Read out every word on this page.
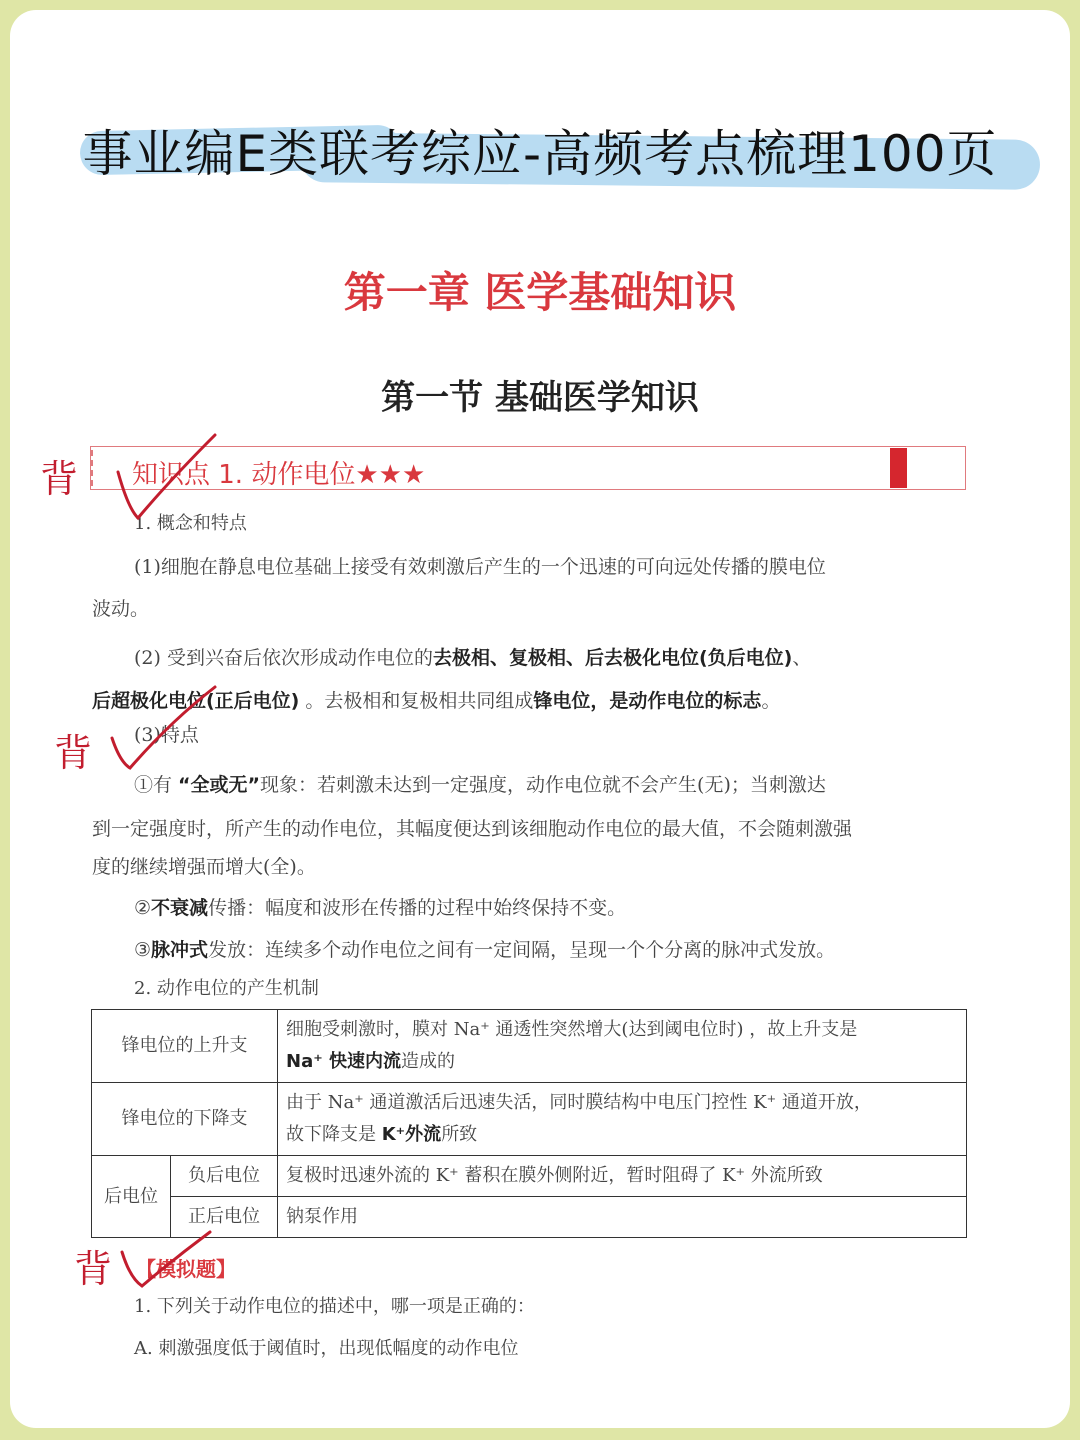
事业编E类联考综应-高频考点梳理100页
第一章 医学基础知识
第一节 基础医学知识
知识点 1. 动作电位★★★
1. 概念和特点
(1)细胞在静息电位基础上接受有效刺激后产生的一个迅速的可向远处传播的膜电位
波动。
(2) 受到兴奋后依次形成动作电位的去极相、复极相、后去极化电位(负后电位)、
后超极化电位(正后电位) 。去极相和复极相共同组成锋电位，是动作电位的标志。
(3)特点
①有 “全或无”现象：若刺激未达到一定强度，动作电位就不会产生(无)；当刺激达
到一定强度时，所产生的动作电位，其幅度便达到该细胞动作电位的最大值，不会随刺激强
度的继续增强而增大(全)。
②不衰减传播：幅度和波形在传播的过程中始终保持不变。
③脉冲式发放：连续多个动作电位之间有一定间隔，呈现一个个分离的脉冲式发放。
2. 动作电位的产生机制
锋电位的上升支		细胞受刺激时，膜对 Na⁺ 通透性突然增大(达到阈电位时) ，故上升支是
Na⁺ 快速内流造成的
锋电位的下降支		由于 Na⁺ 通道激活后迅速失活，同时膜结构中电压门控性 K⁺ 通道开放，
故下降支是 K⁺外流所致
后电位	负后电位	复极时迅速外流的 K⁺ 蓄积在膜外侧附近，暂时阻碍了 K⁺ 外流所致
	正后电位	钠泵作用
【模拟题】
1. 下列关于动作电位的描述中，哪一项是正确的：
A. 刺激强度低于阈值时，出现低幅度的动作电位
背
背
背
